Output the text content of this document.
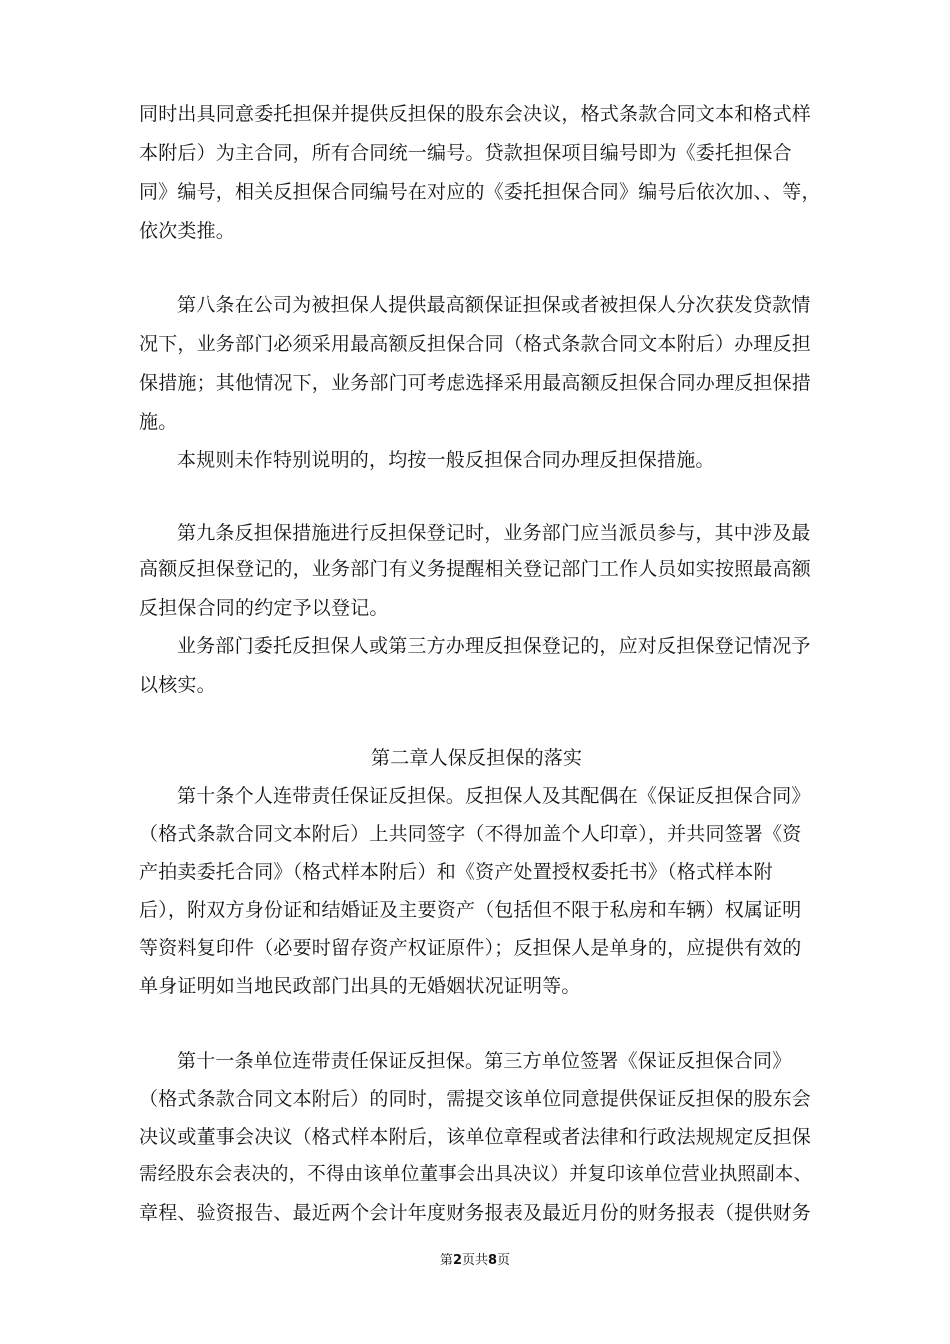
同时出具同意委托担保并提供反担保的股东会决议，格式条款合同文本和格式样
本附后）为主合同，所有合同统一编号。贷款担保项目编号即为《委托担保合
同》编号，相关反担保合同编号在对应的《委托担保合同》编号后依次加、、等，
依次类推。
第八条在公司为被担保人提供最高额保证担保或者被担保人分次获发贷款情
况下，业务部门必须采用最高额反担保合同（格式条款合同文本附后）办理反担
保措施；其他情况下，业务部门可考虑选择采用最高额反担保合同办理反担保措
施。
本规则未作特别说明的，均按一般反担保合同办理反担保措施。
第九条反担保措施进行反担保登记时，业务部门应当派员参与，其中涉及最
高额反担保登记的，业务部门有义务提醒相关登记部门工作人员如实按照最高额
反担保合同的约定予以登记。
业务部门委托反担保人或第三方办理反担保登记的，应对反担保登记情况予
以核实。
第二章人保反担保的落实
第十条个人连带责任保证反担保。反担保人及其配偶在《保证反担保合同》
（格式条款合同文本附后）上共同签字（不得加盖个人印章），并共同签署《资
产拍卖委托合同》（格式样本附后）和《资产处置授权委托书》（格式样本附
后），附双方身份证和结婚证及主要资产（包括但不限于私房和车辆）权属证明
等资料复印件（必要时留存资产权证原件）；反担保人是单身的，应提供有效的
单身证明如当地民政部门出具的无婚姻状况证明等。
第十一条单位连带责任保证反担保。第三方单位签署《保证反担保合同》
（格式条款合同文本附后）的同时，需提交该单位同意提供保证反担保的股东会
决议或董事会决议（格式样本附后，该单位章程或者法律和行政法规规定反担保
需经股东会表决的，不得由该单位董事会出具决议）并复印该单位营业执照副本、
章程、验资报告、最近两个会计年度财务报表及最近月份的财务报表（提供财务
第2页共8页
